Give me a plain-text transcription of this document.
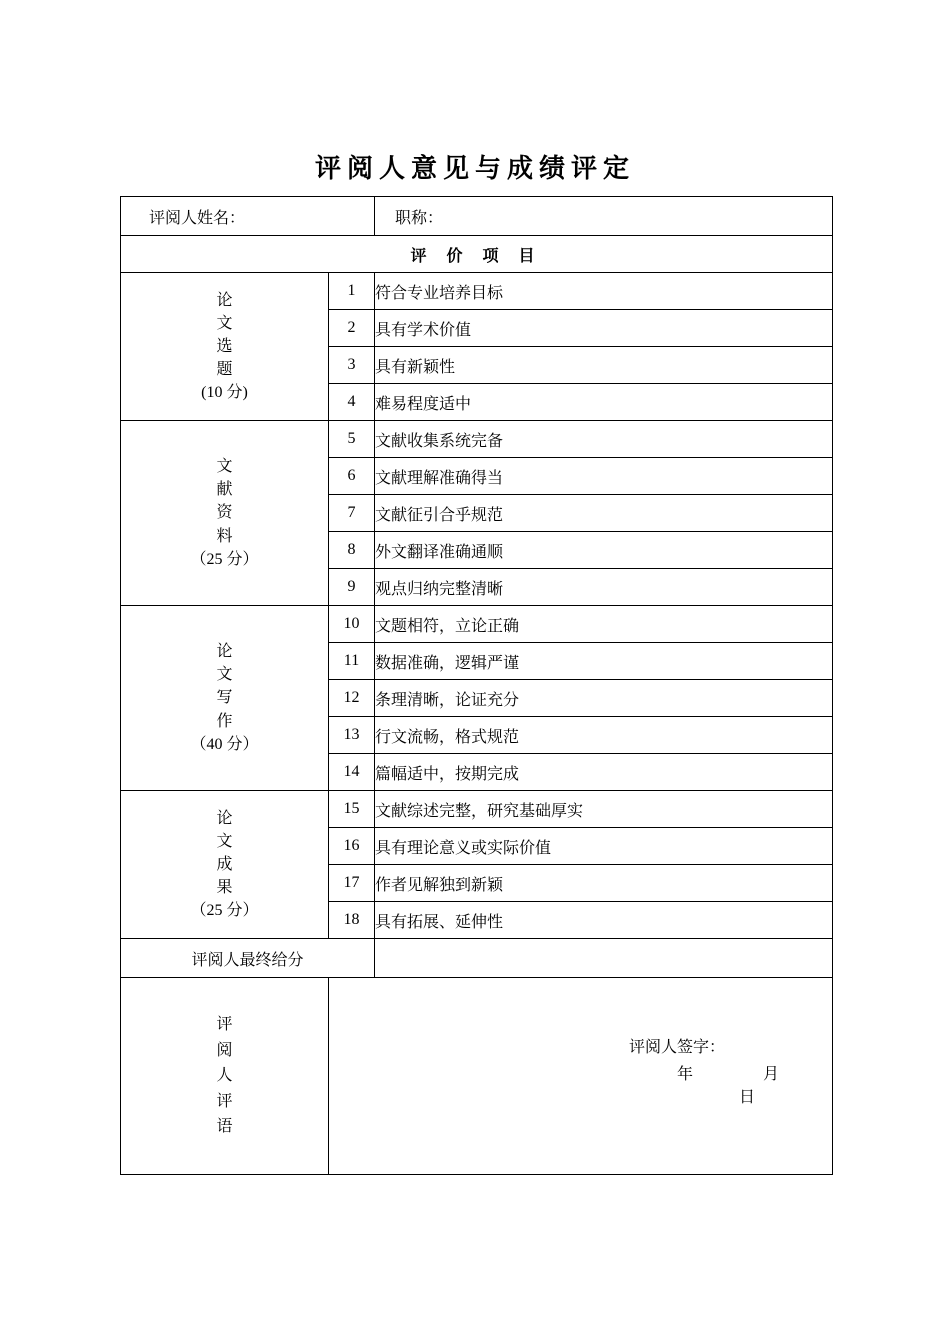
评阅人意见与成绩评定
评阅人姓名：		职称：

评 价 项 目		

论
文
选
题
(10 分)	1	符合专业培养目标
	2	具有学术价值
	3	具有新颖性
	4	难易程度适中

文
献
资
料
（25 分）	5	文献收集系统完备
	6	文献理解准确得当
	7	文献征引合乎规范
	8	外文翻译准确通顺
	9	观点归纳完整清晰

论
文
写
作
（40 分）	10	文题相符，立论正确
	11	数据准确，逻辑严谨
	12	条理清晰，论证充分
	13	行文流畅，格式规范
	14	篇幅适中，按期完成

论
文
成
果
（25 分）	15	文献综述完整，研究基础厚实
	16	具有理论意义或实际价值
	17	作者见解独到新颖
	18	具有拓展、延伸性
评阅人最终给分		

评
阅
人
评
语

评阅人签字：
年	月  日
